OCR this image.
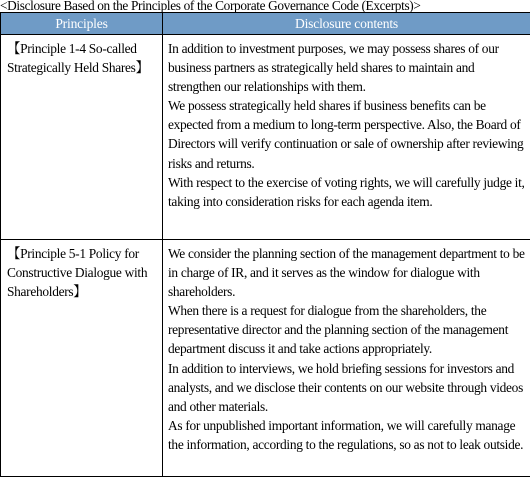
<Disclosure Based on the Principles of the Corporate Governance Code (Excerpts)>
Principles	Disclosure contents
【Principle 1-4 So-called Strategically Held Shares】	In addition to investment purposes, we may possess shares of our business partners as strategically held shares to maintain and strengthen our relationships with them.

We possess strategically held shares if business benefits can be expected from a medium to long-term perspective. Also, the Board of Directors will verify continuation or sale of ownership after reviewing risks and returns.

With respect to the exercise of voting rights, we will carefully judge it, taking into consideration risks for each agenda item.

【Principle 5-1 Policy for Constructive Dialogue with Shareholders】	We consider the planning section of the management department to be in charge of IR, and it serves as the window for dialogue with shareholders.

When there is a request for dialogue from the shareholders, the representative director and the planning section of the management department discuss it and take actions appropriately.

In addition to interviews, we hold briefing sessions for investors and analysts, and we disclose their contents on our website through videos and other materials.

As for unpublished important information, we will carefully manage the information, according to the regulations, so as not to leak outside.
